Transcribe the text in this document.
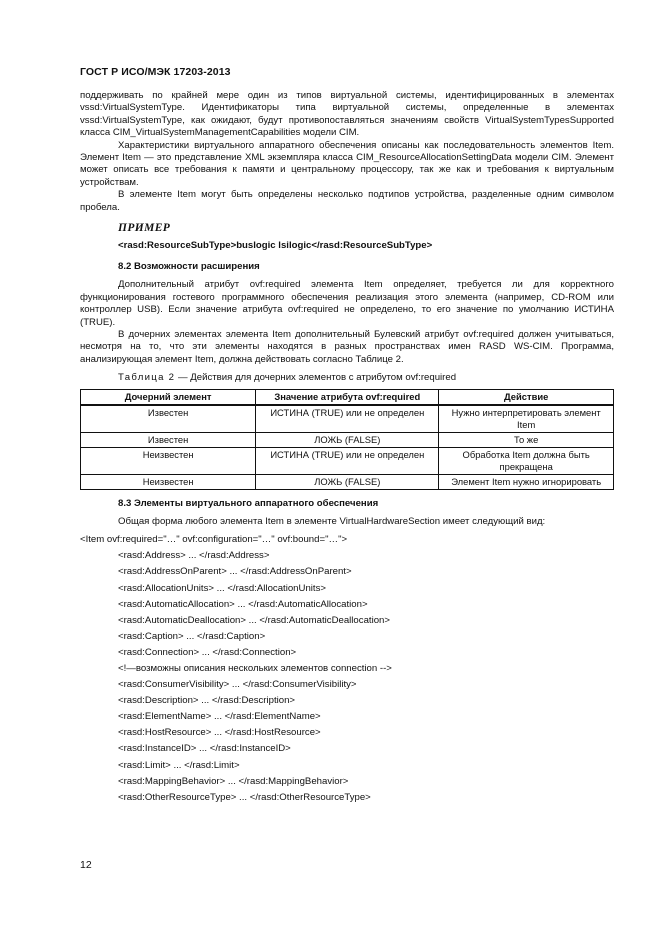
ГОСТ Р ИСО/МЭК 17203-2013

поддерживать по крайней мере один из типов виртуальной системы, идентифицированных в элементах vssd:VirtualSystemType. Идентификаторы типа виртуальной системы, определенные в элементах vssd:VirtualSystemType, как ожидают, будут противопоставляться значениям свойств VirtualSystemTypesSupported класса CIM_VirtualSystemManagementCapabilities модели CIM.

Характеристики виртуального аппаратного обеспечения описаны как последовательность элементов Item. Элемент Item — это представление XML экземпляра класса CIM_ResourceAllocationSettingData модели CIM. Элемент может описать все требования к памяти и центральному процессору, так же как и требования к виртуальным устройствам.

В элементе Item могут быть определены несколько подтипов устройства, разделенные одним символом пробела.

ПРИМЕР
<rasd:ResourceSubType>buslogic lsilogic</rasd:ResourceSubType>
8.2 Возможности расширения

Дополнительный атрибут ovf:required элемента Item определяет, требуется ли для корректного функционирования гостевого программного обеспечения реализация этого элемента (например, CD-ROM или контроллер USB). Если значение атрибута ovf:required не определено, то его значение по умолчанию ИСТИНА (TRUE).

В дочерних элементах элемента Item дополнительный Булевский атрибут ovf:required должен учитываться, несмотря на то, что эти элементы находятся в разных пространствах имен RASD WS-CIM. Программа, анализирующая элемент Item, должна действовать согласно Таблице 2.

Таблица 2 — Действия для дочерних элементов с атрибутом ovf:required
Дочерний элемент	Значение атрибута ovf:required	Действие
Известен	ИСТИНА (TRUE) или не определен	Нужно интерпретировать элемент Item
Известен	ЛОЖЬ (FALSE)	То же
Неизвестен	ИСТИНА (TRUE) или не определен	Обработка Item должна быть прекращена
Неизвестен	ЛОЖЬ (FALSE)	Элемент Item нужно игнорировать
8.3 Элементы виртуального аппаратного обеспечения

Общая форма любого элемента Item в элементе VirtualHardwareSection имеет следующий вид:

<Item ovf:required="…" ovf:configuration="…" ovf:bound="…">
<rasd:Address> ... </rasd:Address>
<rasd:AddressOnParent> ... </rasd:AddressOnParent>
<rasd:AllocationUnits> ... </rasd:AllocationUnits>
<rasd:AutomaticAllocation> ... </rasd:AutomaticAllocation>
<rasd:AutomaticDeallocation> ... </rasd:AutomaticDeallocation>
<rasd:Caption> ... </rasd:Caption>
<rasd:Connection> ... </rasd:Connection>
<!—возможны описания нескольких элементов connection -->
<rasd:ConsumerVisibility> ... </rasd:ConsumerVisibility>
<rasd:Description> ... </rasd:Description>
<rasd:ElementName> ... </rasd:ElementName>
<rasd:HostResource> ... </rasd:HostResource>
<rasd:InstanceID> ... </rasd:InstanceID>
<rasd:Limit> ... </rasd:Limit>
<rasd:MappingBehavior> ... </rasd:MappingBehavior>
<rasd:OtherResourceType> ... </rasd:OtherResourceType>
12
